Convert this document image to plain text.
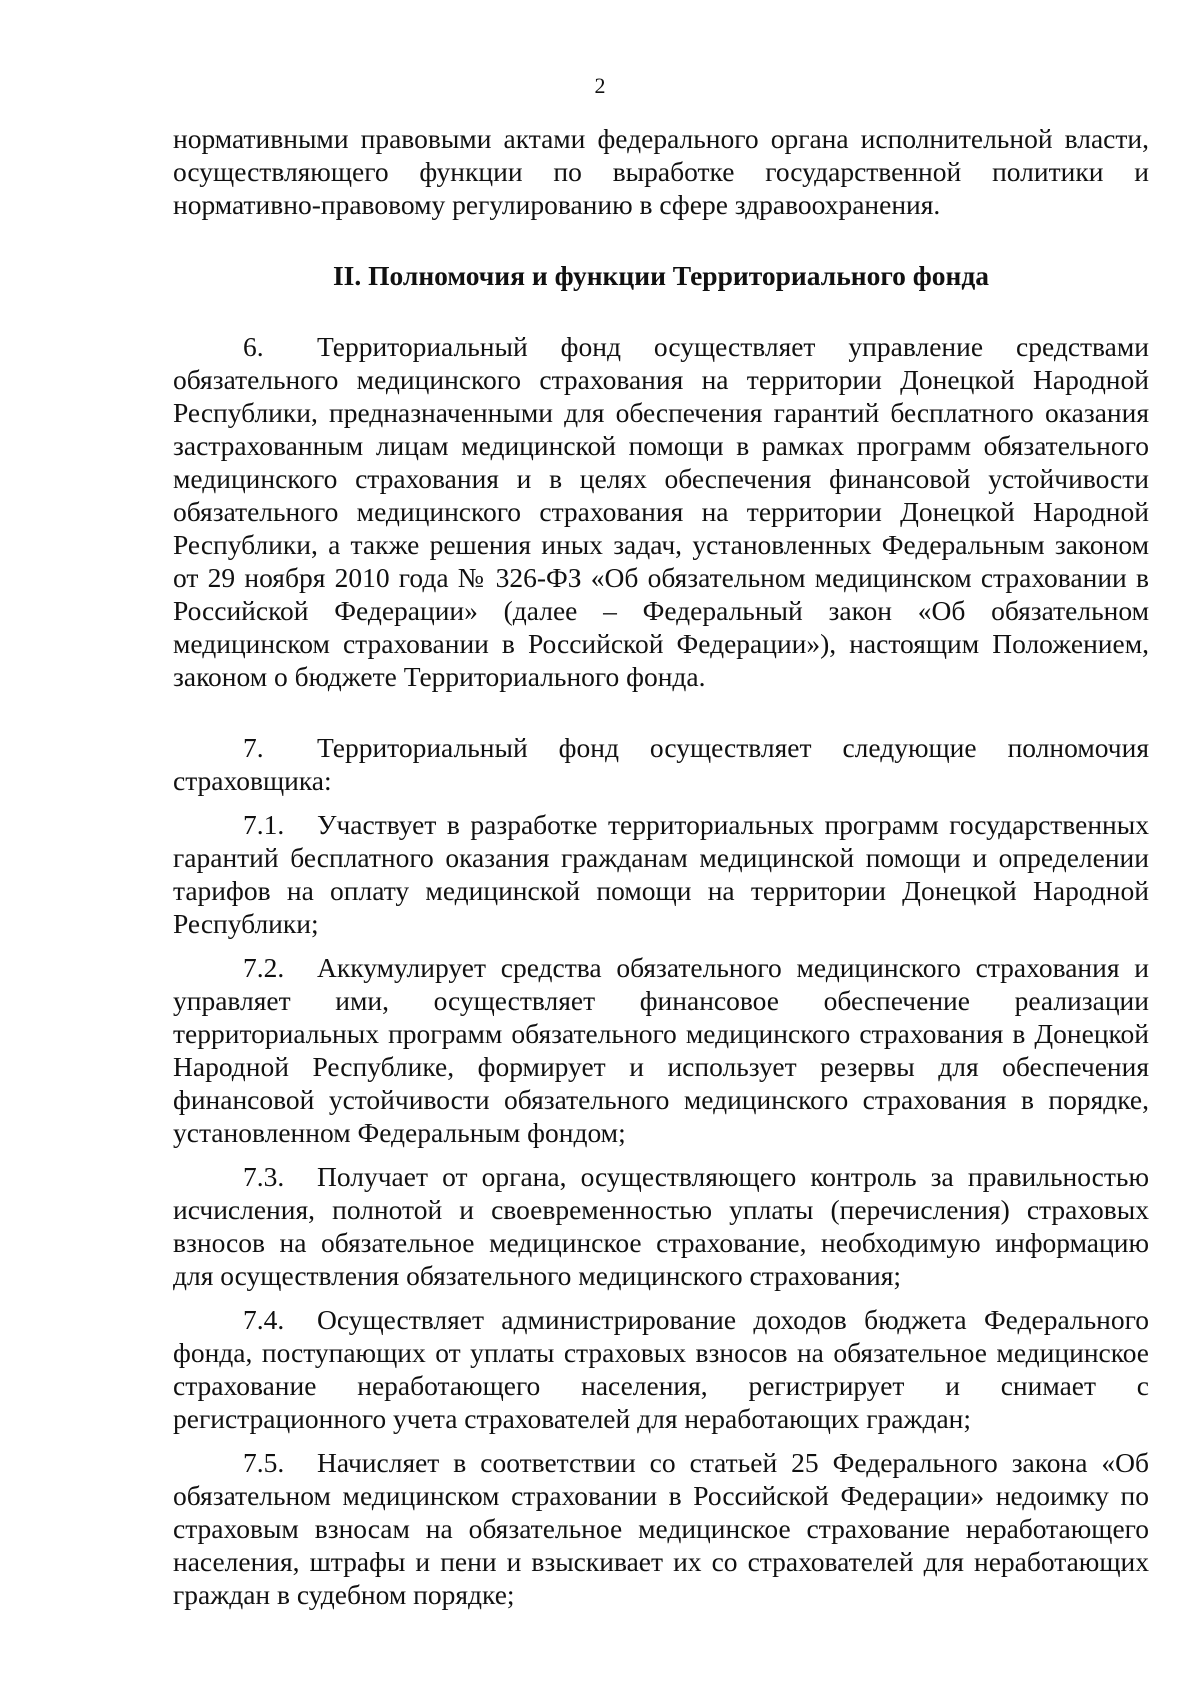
2

нормативными правовыми актами федерального органа исполнительной власти, осуществляющего функции по выработке государственной политики и нормативно-правовому регулированию в сфере здравоохранения.

II. Полномочия и функции Территориального фонда

6. Территориальный фонд осуществляет управление средствами обязательного медицинского страхования на территории Донецкой Народной Республики, предназначенными для обеспечения гарантий бесплатного оказания застрахованным лицам медицинской помощи в рамках программ обязательного медицинского страхования и в целях обеспечения финансовой устойчивости обязательного медицинского страхования на территории Донецкой Народной Республики, а также решения иных задач, установленных Федеральным законом от 29 ноября 2010 года № 326-ФЗ «Об обязательном медицинском страховании в Российской Федерации» (далее – Федеральный закон «Об обязательном медицинском страховании в Российской Федерации»), настоящим Положением, законом о бюджете Территориального фонда.

7. Территориальный фонд осуществляет следующие полномочия страховщика:

7.1. Участвует в разработке территориальных программ государственных гарантий бесплатного оказания гражданам медицинской помощи и определении тарифов на оплату медицинской помощи на территории Донецкой Народной Республики;

7.2. Аккумулирует средства обязательного медицинского страхования и управляет ими, осуществляет финансовое обеспечение реализации территориальных программ обязательного медицинского страхования в Донецкой Народной Республике, формирует и использует резервы для обеспечения финансовой устойчивости обязательного медицинского страхования в порядке, установленном Федеральным фондом;

7.3. Получает от органа, осуществляющего контроль за правильностью исчисления, полнотой и своевременностью уплаты (перечисления) страховых взносов на обязательное медицинское страхование, необходимую информацию для осуществления обязательного медицинского страхования;

7.4. Осуществляет администрирование доходов бюджета Федерального фонда, поступающих от уплаты страховых взносов на обязательное медицинское страхование неработающего населения, регистрирует и снимает с регистрационного учета страхователей для неработающих граждан;

7.5. Начисляет в соответствии со статьей 25 Федерального закона «Об обязательном медицинском страховании в Российской Федерации» недоимку по страховым взносам на обязательное медицинское страхование неработающего населения, штрафы и пени и взыскивает их со страхователей для неработающих граждан в судебном порядке;
